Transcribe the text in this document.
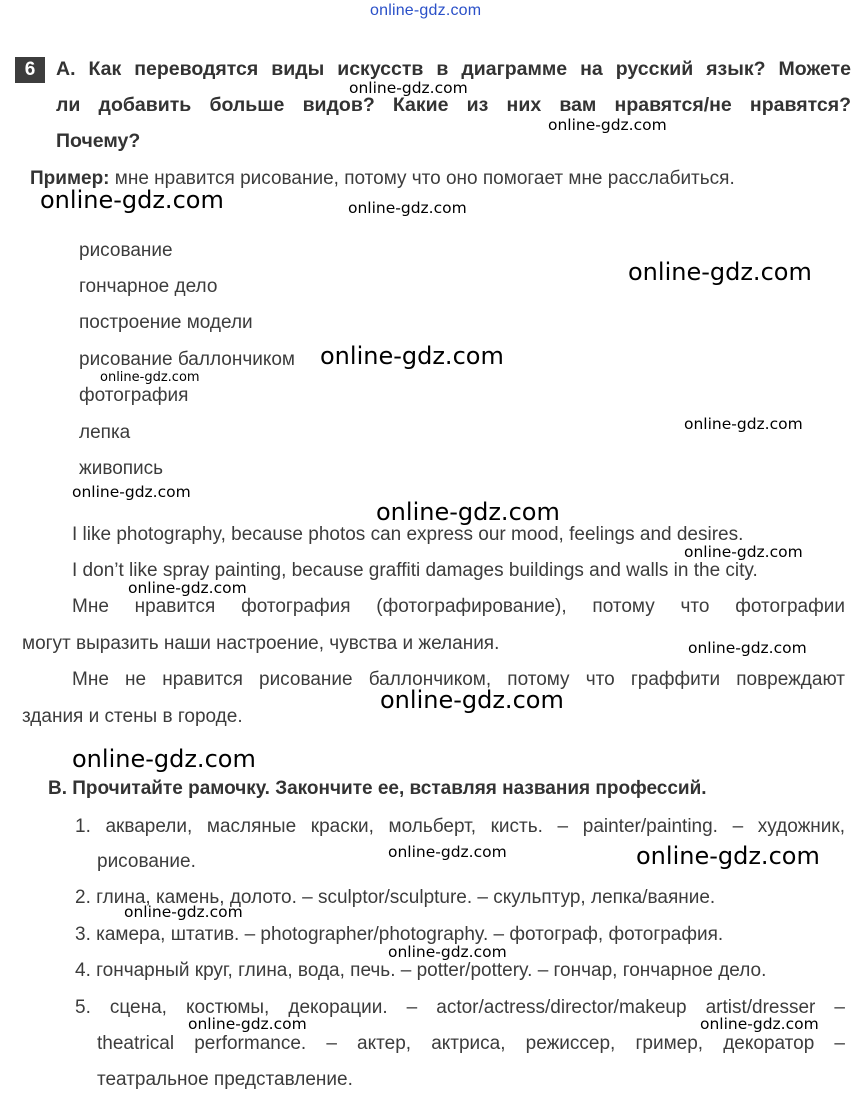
online-gdz.com
6	А. Как переводятся виды искусств в диаграмме на русский язык? Можете
ли добавить больше видов? Какие из них вам нравятся/не нравятся?
Почему?
Пример: мне нравится рисование, потому что оно помогает мне расслабиться.
рисование
гончарное дело
построение модели
рисование баллончиком
фотография
лепка
живопись
I like photography, because photos can express our mood, feelings and desires.
I don’t like spray painting, because graffiti damages buildings and walls in the city.
Мне нравится фотография (фотографирование), потому что фотографии
могут выразить наши настроение, чувства и желания.
Мне не нравится рисование баллончиком, потому что граффити повреждают
здания и стены в городе.
В. Прочитайте рамочку. Закончите ее, вставляя названия профессий.
1. акварели, масляные краски, мольберт, кисть. – painter/painting. – художник,
рисование.
2. глина, камень, долото. – sculptor/sculpture. – скульптур, лепка/ваяние.
3. камера, штатив. – photographer/photography. – фотограф, фотография.
4. гончарный круг, глина, вода, печь. – potter/pottery. – гончар, гончарное дело.
5. сцена, костюмы, декорации. – actor/actress/director/makeup artist/dresser –
theatrical performance. – актер, актриса, режиссер, гример, декоратор –
театральное представление.
online-gdz.com
online-gdz.com
online-gdz.com	online-gdz.com
online-gdz.com
online-gdz.com
online-gdz.com
online-gdz.com
online-gdz.com
online-gdz.com
online-gdz.com
online-gdz.com
online-gdz.com
online-gdz.com
online-gdz.com
online-gdz.com	online-gdz.com
online-gdz.com
online-gdz.com
online-gdz.com	online-gdz.com
